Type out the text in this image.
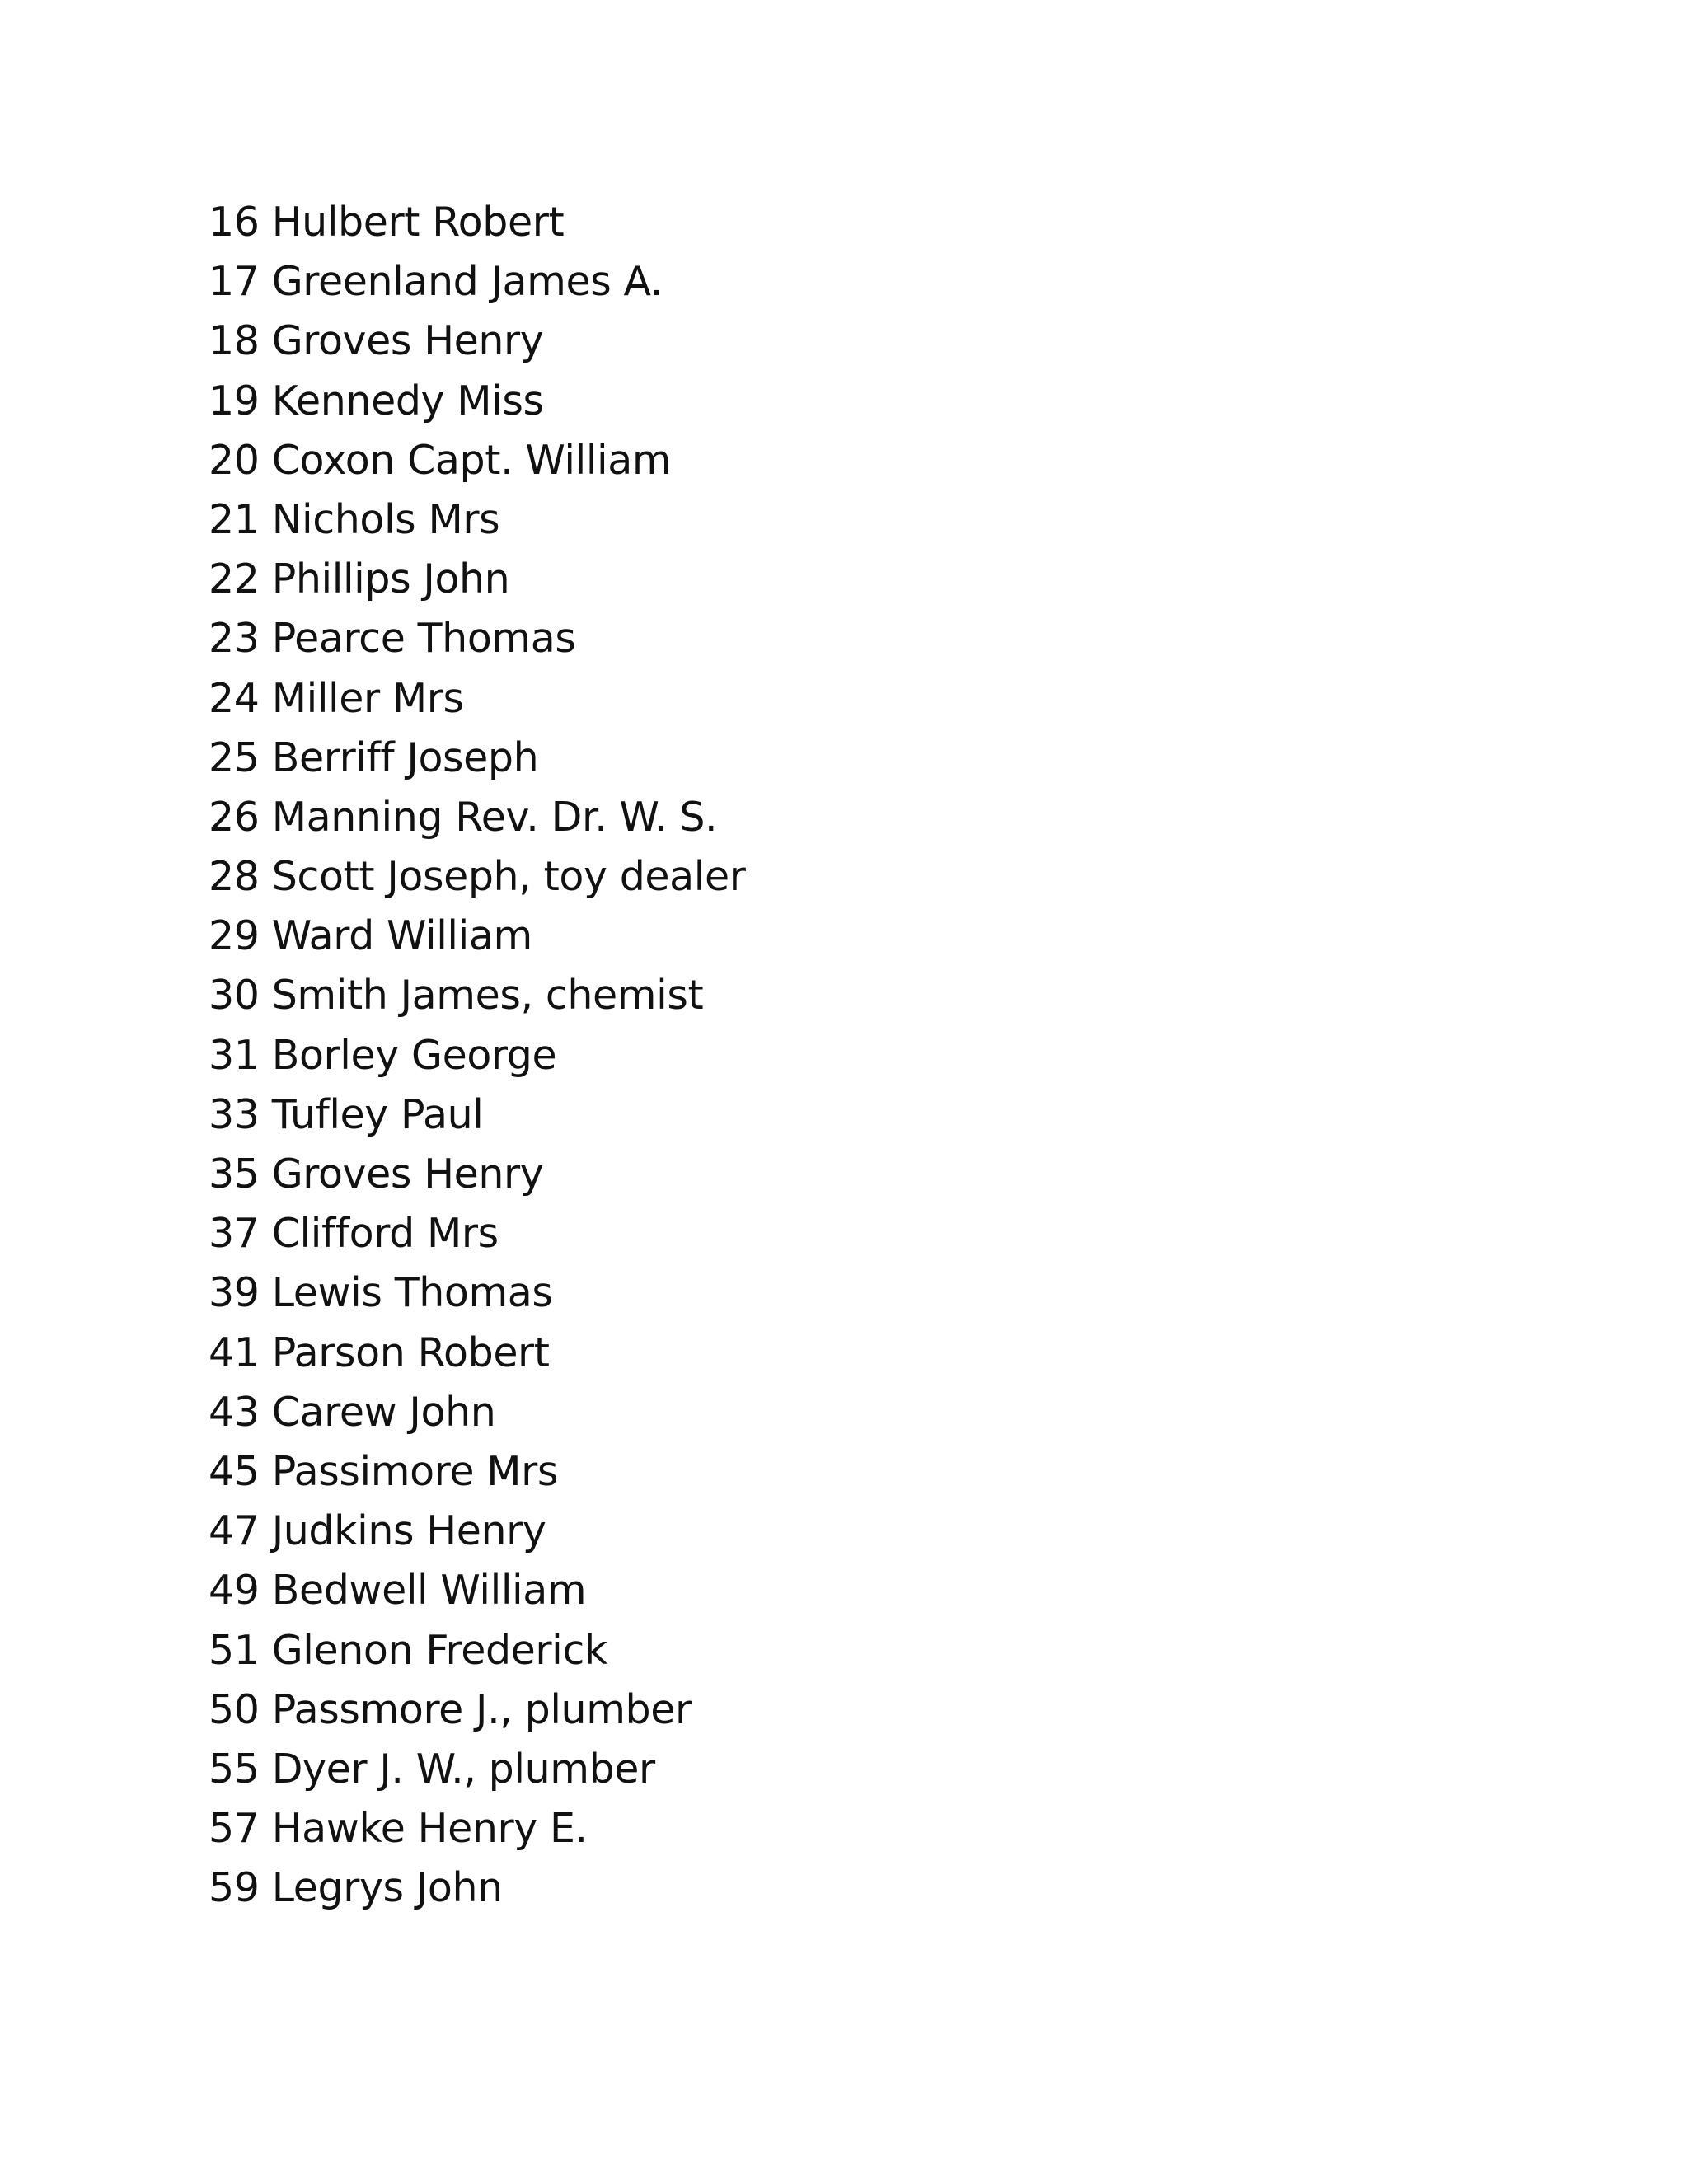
16 Hulbert Robert
17 Greenland James A.
18 Groves Henry
19 Kennedy Miss
20 Coxon Capt. William
21 Nichols Mrs
22 Phillips John
23 Pearce Thomas
24 Miller Mrs
25 Berriff Joseph
26 Manning Rev. Dr. W. S.
28 Scott Joseph, toy dealer
29 Ward William
30 Smith James, chemist
31 Borley George
33 Tufley Paul
35 Groves Henry
37 Clifford Mrs
39 Lewis Thomas
41 Parson Robert
43 Carew John
45 Passimore Mrs
47 Judkins Henry
49 Bedwell William
51 Glenon Frederick
50 Passmore J., plumber
55 Dyer J. W., plumber
57 Hawke Henry E.
59 Legrys John
